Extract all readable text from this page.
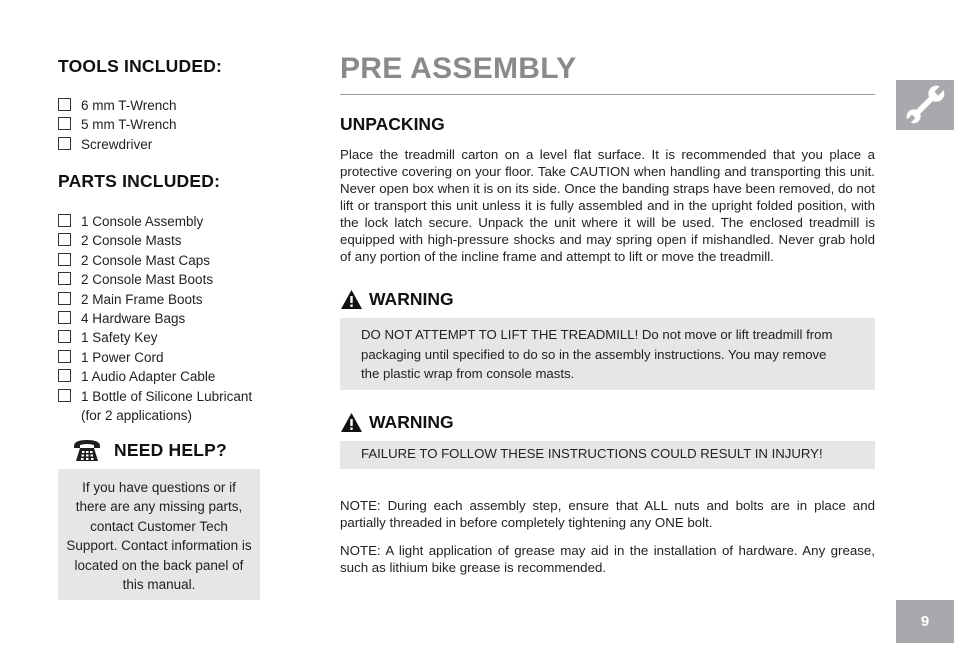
TOOLS INCLUDED:
6 mm T-Wrench
5 mm T-Wrench
Screwdriver
PARTS INCLUDED:
1 Console Assembly
2 Console Masts
2 Console Mast Caps
2 Console Mast Boots
2 Main Frame Boots
4 Hardware Bags
1 Safety Key
1 Power Cord
1 Audio Adapter Cable
1 Bottle of Silicone Lubricant
(for 2 applications)
NEED HELP?
If you have questions or if there are any missing parts, contact Customer Tech Support. Contact information is located on the back panel of this manual.
PRE ASSEMBLY
UNPACKING

Place the treadmill carton on a level flat surface. It is recommended that you place a protective covering on your floor. Take CAUTION when handling and transporting this unit. Never open box when it is on its side. Once the banding straps have been removed, do not lift or transport this unit unless it is fully assembled and in the upright folded position, with the lock latch secure. Unpack the unit where it will be used. The enclosed treadmill is equipped with high-pressure shocks and may spring open if mishandled. Never grab hold of any portion of the incline frame and attempt to lift or move the treadmill.

WARNING
DO NOT ATTEMPT TO LIFT THE TREADMILL! Do not move or lift treadmill from packaging until specified to do so in the assembly instructions. You may remove the plastic wrap from console masts.
WARNING
FAILURE TO FOLLOW THESE INSTRUCTIONS COULD RESULT IN INJURY!

NOTE: During each assembly step, ensure that ALL nuts and bolts are in place and partially threaded in before completely tightening any ONE bolt.

NOTE: A light application of grease may aid in the installation of hardware. Any grease, such as lithium bike grease is recommended.

9
